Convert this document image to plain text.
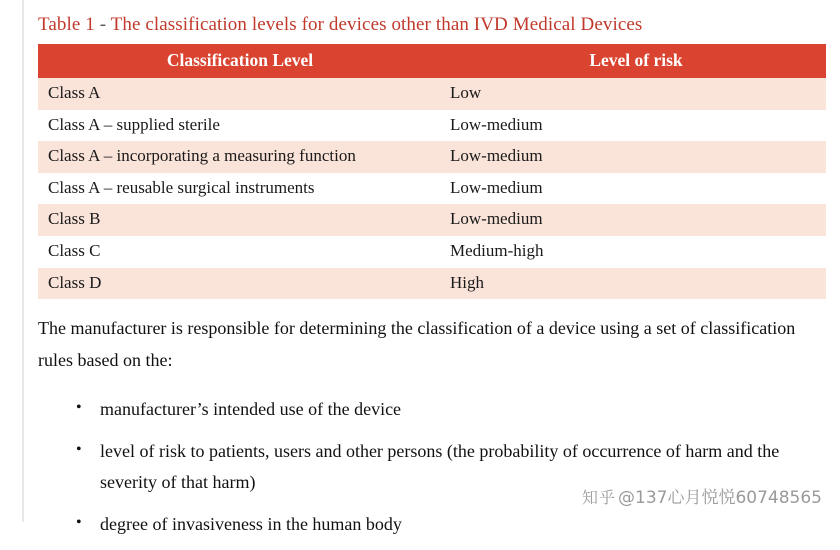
Table 1 - The classification levels for devices other than IVD Medical Devices
Classification Level	Level of risk
Class A	Low
Class A – supplied sterile	Low-medium
Class A – incorporating a measuring function	Low-medium
Class A – reusable surgical instruments	Low-medium
Class B	Low-medium
Class C	Medium-high
Class D	High

The manufacturer is responsible for determining the classification of a device using a set of classification rules based on the:

• manufacturer’s intended use of the device
• level of risk to patients, users and other persons (the probability of occurrence of harm and the severity of that harm)
• degree of invasiveness in the human body
知乎 @137心月悦悦60748565
